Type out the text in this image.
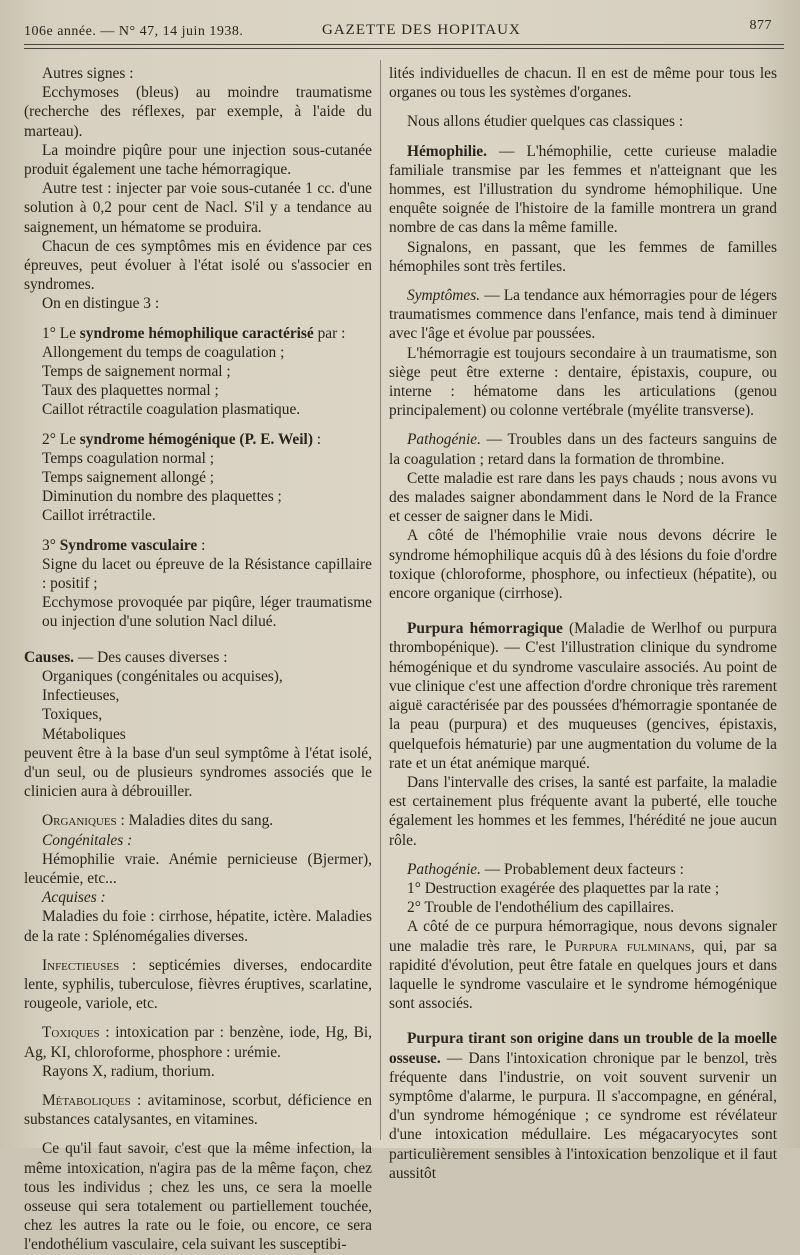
106e année. — N° 47, 14 juin 1938.	GAZETTE DES HOPITAUX	877

Autres signes :

Ecchymoses (bleus) au moindre traumatisme (recherche des réflexes, par exemple, à l'aide du marteau).

La moindre piqûre pour une injection sous-cutanée produit également une tache hémorragique.

Autre test : injecter par voie sous-cutanée 1 cc. d'une solution à 0,2 pour cent de Nacl. S'il y a tendance au saignement, un hématome se produira.

Chacun de ces symptômes mis en évidence par ces épreuves, peut évoluer à l'état isolé ou s'associer en syndromes.

On en distingue 3 :

1° Le syndrome hémophilique caractérisé par :

Allongement du temps de coagulation ;

Temps de saignement normal ;

Taux des plaquettes normal ;

Caillot rétractile coagulation plasmatique.

2° Le syndrome hémogénique (P. E. Weil) :

Temps coagulation normal ;

Temps saignement allongé ;

Diminution du nombre des plaquettes ;

Caillot irrétractile.

3° Syndrome vasculaire :

Signe du lacet ou épreuve de la Résistance capillaire : positif ;

Ecchymose provoquée par piqûre, léger traumatisme ou injection d'une solution Nacl dilué.

Causes. — Des causes diverses :

Organiques (congénitales ou acquises),

Infectieuses,

Toxiques,

Métaboliques

peuvent être à la base d'un seul symptôme à l'état isolé, d'un seul, ou de plusieurs syndromes associés que le clinicien aura à débrouiller.

Organiques : Maladies dites du sang.

Congénitales :

Hémophilie vraie. Anémie pernicieuse (Bjermer), leucémie, etc...

Acquises :

Maladies du foie : cirrhose, hépatite, ictère. Maladies de la rate : Splénomégalies diverses.

Infectieuses : septicémies diverses, endocardite lente, syphilis, tuberculose, fièvres éruptives, scarlatine, rougeole, variole, etc.

Toxiques : intoxication par : benzène, iode, Hg, Bi, Ag, KI, chloroforme, phosphore : urémie.

Rayons X, radium, thorium.

Métaboliques : avitaminose, scorbut, déficience en substances catalysantes, en vitamines.

Ce qu'il faut savoir, c'est que la même infection, la même intoxication, n'agira pas de la même façon, chez tous les individus ; chez les uns, ce sera la moelle osseuse qui sera totalement ou partiellement touchée, chez les autres la rate ou le foie, ou encore, ce sera l'endothélium vasculaire, cela suivant les susceptibi-

lités individuelles de chacun. Il en est de même pour tous les organes ou tous les systèmes d'organes.

Nous allons étudier quelques cas classiques :

Hémophilie. — L'hémophilie, cette curieuse maladie familiale transmise par les femmes et n'atteignant que les hommes, est l'illustration du syndrome hémophilique. Une enquête soignée de l'histoire de la famille montrera un grand nombre de cas dans la même famille.

Signalons, en passant, que les femmes de familles hémophiles sont très fertiles.

Symptômes. — La tendance aux hémorragies pour de légers traumatismes commence dans l'enfance, mais tend à diminuer avec l'âge et évolue par poussées.

L'hémorragie est toujours secondaire à un traumatisme, son siège peut être externe : dentaire, épistaxis, coupure, ou interne : hématome dans les articulations (genou principalement) ou colonne vertébrale (myélite transverse).

Pathogénie. — Troubles dans un des facteurs sanguins de la coagulation ; retard dans la formation de thrombine.

Cette maladie est rare dans les pays chauds ; nous avons vu des malades saigner abondamment dans le Nord de la France et cesser de saigner dans le Midi.

A côté de l'hémophilie vraie nous devons décrire le syndrome hémophilique acquis dû à des lésions du foie d'ordre toxique (chloroforme, phosphore, ou infectieux (hépatite), ou encore organique (cirrhose).

Purpura hémorragique (Maladie de Werlhof ou purpura thrombopénique). — C'est l'illustration clinique du syndrome hémogénique et du syndrome vasculaire associés. Au point de vue clinique c'est une affection d'ordre chronique très rarement aiguë caractérisée par des poussées d'hémorragie spontanée de la peau (purpura) et des muqueuses (gencives, épistaxis, quelquefois hématurie) par une augmentation du volume de la rate et un état anémique marqué.

Dans l'intervalle des crises, la santé est parfaite, la maladie est certainement plus fréquente avant la puberté, elle touche également les hommes et les femmes, l'hérédité ne joue aucun rôle.

Pathogénie. — Probablement deux facteurs :

1° Destruction exagérée des plaquettes par la rate ;

2° Trouble de l'endothélium des capillaires.

A côté de ce purpura hémorragique, nous devons signaler une maladie très rare, le Purpura fulminans, qui, par sa rapidité d'évolution, peut être fatale en quelques jours et dans laquelle le syndrome vasculaire et le syndrome hémogénique sont associés.

Purpura tirant son origine dans un trouble de la moelle osseuse. — Dans l'intoxication chronique par le benzol, très fréquente dans l'industrie, on voit souvent survenir un symptôme d'alarme, le purpura. Il s'accompagne, en général, d'un syndrome hémogénique ; ce syndrome est révélateur d'une intoxication médullaire. Les mégacaryocytes sont particulièrement sensibles à l'intoxication benzolique et il faut aussitôt
